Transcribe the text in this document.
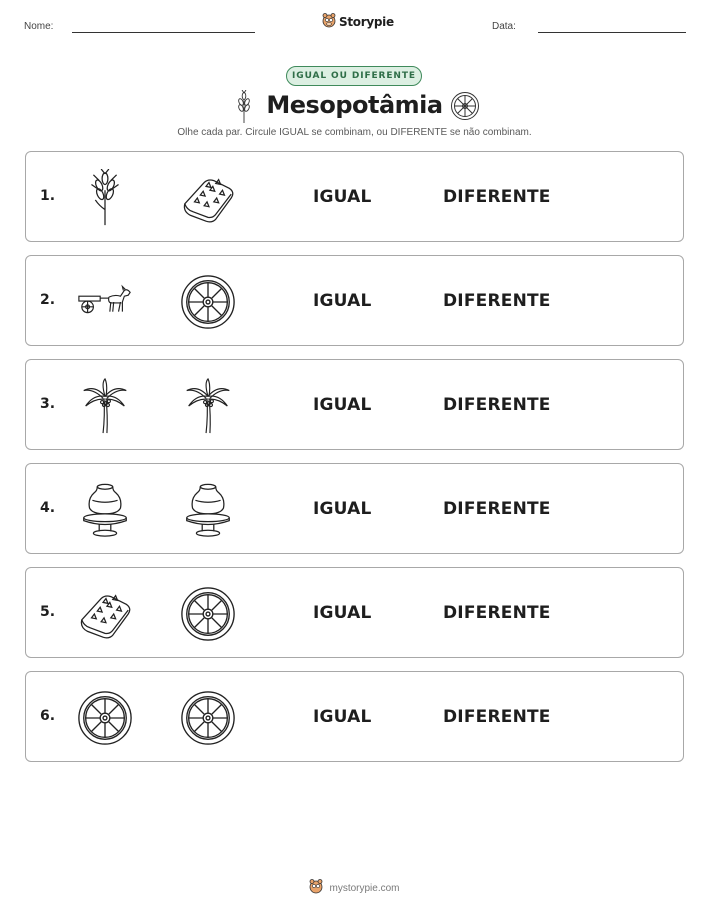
Nome:	Storypie	Data:
IGUAL OU DIFERENTE
Mesopotâmia
Olhe cada par. Circule IGUAL se combinam, ou DIFERENTE se não combinam.
1.	IGUAL	DIFERENTE
2.	IGUAL	DIFERENTE
3.	IGUAL	DIFERENTE
4.	IGUAL	DIFERENTE
5.	IGUAL	DIFERENTE
6.	IGUAL	DIFERENTE
mystorypie.com
